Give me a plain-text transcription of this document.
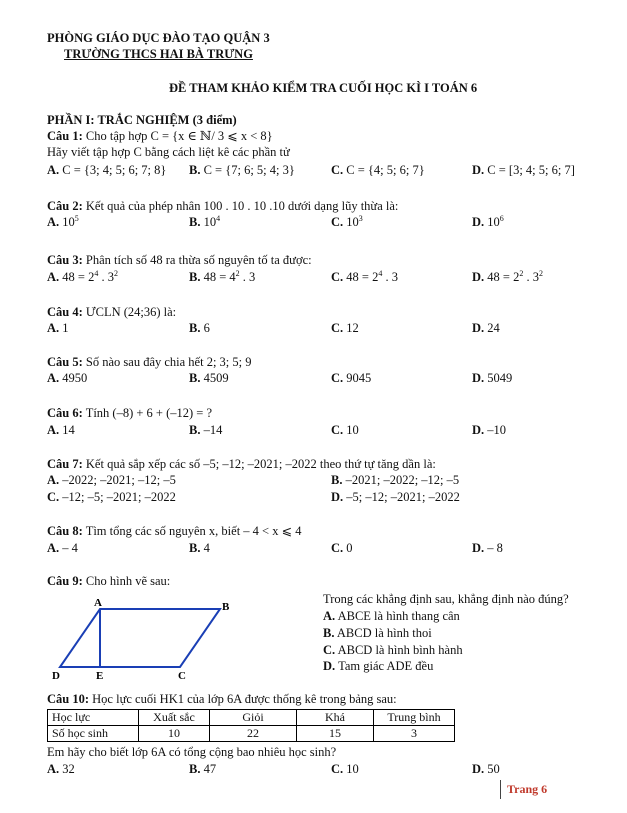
PHÒNG GIÁO DỤC ĐÀO TẠO QUẬN 3
TRƯỜNG THCS HAI BÀ TRƯNG
ĐỀ THAM KHẢO KIỂM TRA CUỐI HỌC KÌ I TOÁN 6
PHẦN I: TRẮC NGHIỆM (3 điểm)
Câu 1: Cho tập hợp C = {x ∈ ℕ/ 3 ⩽ x < 8}
Hãy viết tập hợp C bằng cách liệt kê các phần tử
A. C = {3; 4; 5; 6; 7; 8} B. C = {7; 6; 5; 4; 3}	C. C = {4; 5; 6; 7}	D. C = [3; 4; 5; 6; 7]
Câu 2: Kết quả của phép nhân 100 . 10 . 10 .10 dưới dạng lũy thừa là:
A. $10^5$	B. $10^4$	C. $10^3$	D. $10^6$
Câu 3: Phân tích số 48 ra thừa số nguyên tố ta được:
A. $48 = 2^4$ . $3^2$	B. $48 = 4^2$ . 3	C. $48 = 2^4$ . 3	D. $48 = 2^2$ . $3^2$
Câu 4: ƯCLN (24;36) là:
A. 1	B. 6	C. 12	D. 24
Câu 5: Số nào sau đây chia hết 2; 3; 5; 9
A. 4950	B. 4509	C. 9045	D. 5049
Câu 6: Tính (–8) + 6 + (–12) = ?
A. 14	B. –14	C. 10	D. –10
Câu 7: Kết quả sắp xếp các số –5; –12; –2021; –2022 theo thứ tự tăng dần là:
A. –2022; –2021; –12; –5	B. –2021; –2022; –12; –5
C. –12; –5; –2021; –2022	D. –5; –12; –2021; –2022
Câu 8: Tìm tổng các số nguyên x, biết – 4 < x ⩽ 4
A. – 4	B. 4	C. 0	D. – 8
Câu 9: Cho hình vẽ sau:
A	B
C
D	E
Trong các khẳng định sau, khẳng định nào đúng?
A. ABCE là hình thang cân
B. ABCD là hình thoi
C. ABCD là hình bình hành
D. Tam giác ADE đều
Câu 10: Học lực cuối HK1 của lớp 6A được thống kê trong bảng sau:
Học lực	Xuất sắc	Giỏi	Khá	Trung bình
Số học sinh	10	22	15	3
Em hãy cho biết lớp 6A có tổng cộng bao nhiêu học sinh?
A. 32	B. 47	C. 10	D. 50
Trang 6
